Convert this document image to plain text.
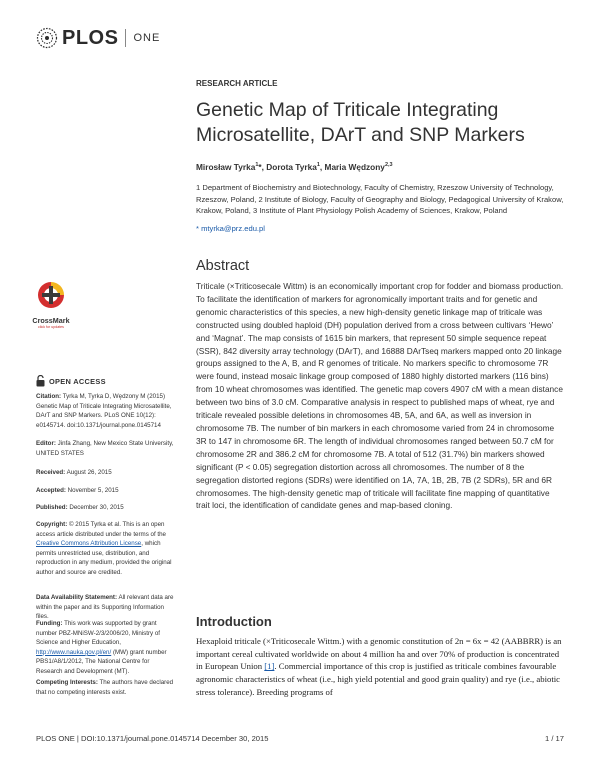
PLOS ONE
RESEARCH ARTICLE
Genetic Map of Triticale Integrating
Microsatellite, DArT and SNP Markers
Mirosław Tyrka$^1$*, Dorota Tyrka$^1$, Maria Wędzony$^{2,3}$
1 Department of Biochemistry and Biotechnology, Faculty of Chemistry, Rzeszow University of Technology, Rzeszow, Poland, 2 Institute of Biology, Faculty of Geography and Biology, Pedagogical University of Krakow, Krakow, Poland, 3 Institute of Plant Physiology Polish Academy of Sciences, Krakow, Poland
* mtyrka@prz.edu.pl
Abstract
Triticale (×Triticosecale Wittm) is an economically important crop for fodder and biomass production. To facilitate the identification of markers for agronomically important traits and for genetic and genomic characteristics of this species, a new high-density genetic linkage map of triticale was constructed using doubled haploid (DH) population derived from a cross between cultivars ‘Hewo’ and ‘Magnat’. The map consists of 1615 bin markers, that represent 50 simple sequence repeat (SSR), 842 diversity array technology (DArT), and 16888 DArTseq markers mapped onto 20 linkage groups assigned to the A, B, and R genomes of triticale. No markers specific to chromosome 7R were found, instead mosaic linkage group composed of 1880 highly distorted markers (116 bins) from 10 wheat chromosomes was identified. The genetic map covers 4907 cM with a mean distance between two bins of 3.0 cM. Comparative analysis in respect to published maps of wheat, rye and triticale revealed possible deletions in chromosomes 4B, 5A, and 6A, as well as inversion in chromosome 7B. The number of bin markers in each chromosome varied from 24 in chromosome 3R to 147 in chromosome 6R. The length of individual chromosomes ranged between 50.7 cM for chromosome 2R and 386.2 cM for chromosome 7B. A total of 512 (31.7%) bin markers showed significant (P < 0.05) segregation distortion across all chromosomes. The number of 8 the segregation distorted regions (SDRs) were identified on 1A, 7A, 1B, 2B, 7B (2 SDRs), 5R and 6R chromosomes. The high-density genetic map of triticale will facilitate fine mapping of quantitative trait loci, the identification of candidate genes and map-based cloning.
Introduction
Hexaploid triticale (×Triticosecale Wittm.) with a genomic constitution of 2n = 6x = 42 (AABBRR) is an important cereal cultivated worldwide on about 4 million ha and over 70% of production is concentrated in European Union [1]. Commercial importance of this crop is justified as triticale combines favourable agronomic characteristics of wheat (i.e., high yield potential and good grain quality) and rye (i.e., abiotic stress tolerance). Breeding programs of
CrossMark
click for updates
OPEN ACCESS
Citation: Tyrka M, Tyrka D, Wędzony M (2015) Genetic Map of Triticale Integrating Microsatellite, DArT and SNP Markers. PLoS ONE 10(12): e0145714. doi:10.1371/journal.pone.0145714
Editor: Jinfa Zhang, New Mexico State University, UNITED STATES
Received: August 26, 2015
Accepted: November 5, 2015
Published: December 30, 2015
Copyright: © 2015 Tyrka et al. This is an open access article distributed under the terms of the Creative Commons Attribution License, which permits unrestricted use, distribution, and reproduction in any medium, provided the original author and source are credited.
Data Availability Statement: All relevant data are within the paper and its Supporting Information files.
Funding: This work was supported by grant number PBZ-MNiSW-2/3/2006/20, Ministry of Science and Higher Education, http://www.nauka.gov.pl/en/ (MW) grant number PBS1/A8/1/2012, The National Centre for Research and Development (MT).
Competing Interests: The authors have declared that no competing interests exist.
PLOS ONE | DOI:10.1371/journal.pone.0145714 December 30, 2015	1 / 17
